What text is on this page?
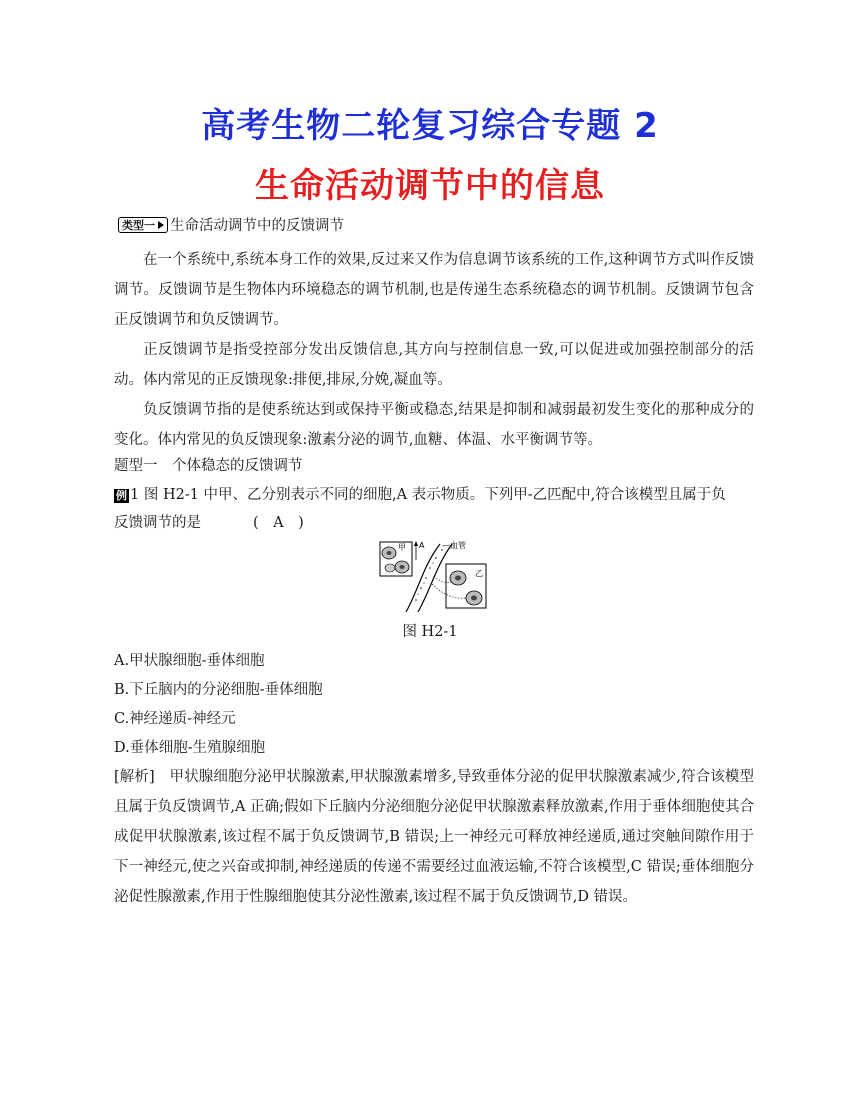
高考生物二轮复习综合专题 2
生命活动调节中的信息
类型一 生命活动调节中的反馈调节
在一个系统中,系统本身工作的效果,反过来又作为信息调节该系统的工作,这种调节方式叫作反馈调节。反馈调节是生物体内环境稳态的调节机制,也是传递生态系统稳态的调节机制。反馈调节包含正反馈调节和负反馈调节。
正反馈调节是指受控部分发出反馈信息,其方向与控制信息一致,可以促进或加强控制部分的活动。体内常见的正反馈现象:排便,排尿,分娩,凝血等。
负反馈调节指的是使系统达到或保持平衡或稳态,结果是抑制和减弱最初发生变化的那种成分的变化。体内常见的负反馈现象:激素分泌的调节,血糖、体温、水平衡调节等。
题型一　个体稳态的反馈调节
例 1 图 H2-1 中甲、乙分别表示不同的细胞,A 表示物质。下列甲-乙匹配中,符合该模型且属于负
反馈调节的是	(　A　)
甲 A	血管
乙
图 H2-1
A.甲状腺细胞-垂体细胞
B.下丘脑内的分泌细胞-垂体细胞
C.神经递质-神经元
D.垂体细胞-生殖腺细胞
[解析]　甲状腺细胞分泌甲状腺激素,甲状腺激素增多,导致垂体分泌的促甲状腺激素减少,符合该模型且属于负反馈调节,A 正确;假如下丘脑内分泌细胞分泌促甲状腺激素释放激素,作用于垂体细胞使其合成促甲状腺激素,该过程不属于负反馈调节,B 错误;上一神经元可释放神经递质,通过突触间隙作用于下一神经元,使之兴奋或抑制,神经递质的传递不需要经过血液运输,不符合该模型,C 错误;垂体细胞分泌促性腺激素,作用于性腺细胞使其分泌性激素,该过程不属于负反馈调节,D 错误。
